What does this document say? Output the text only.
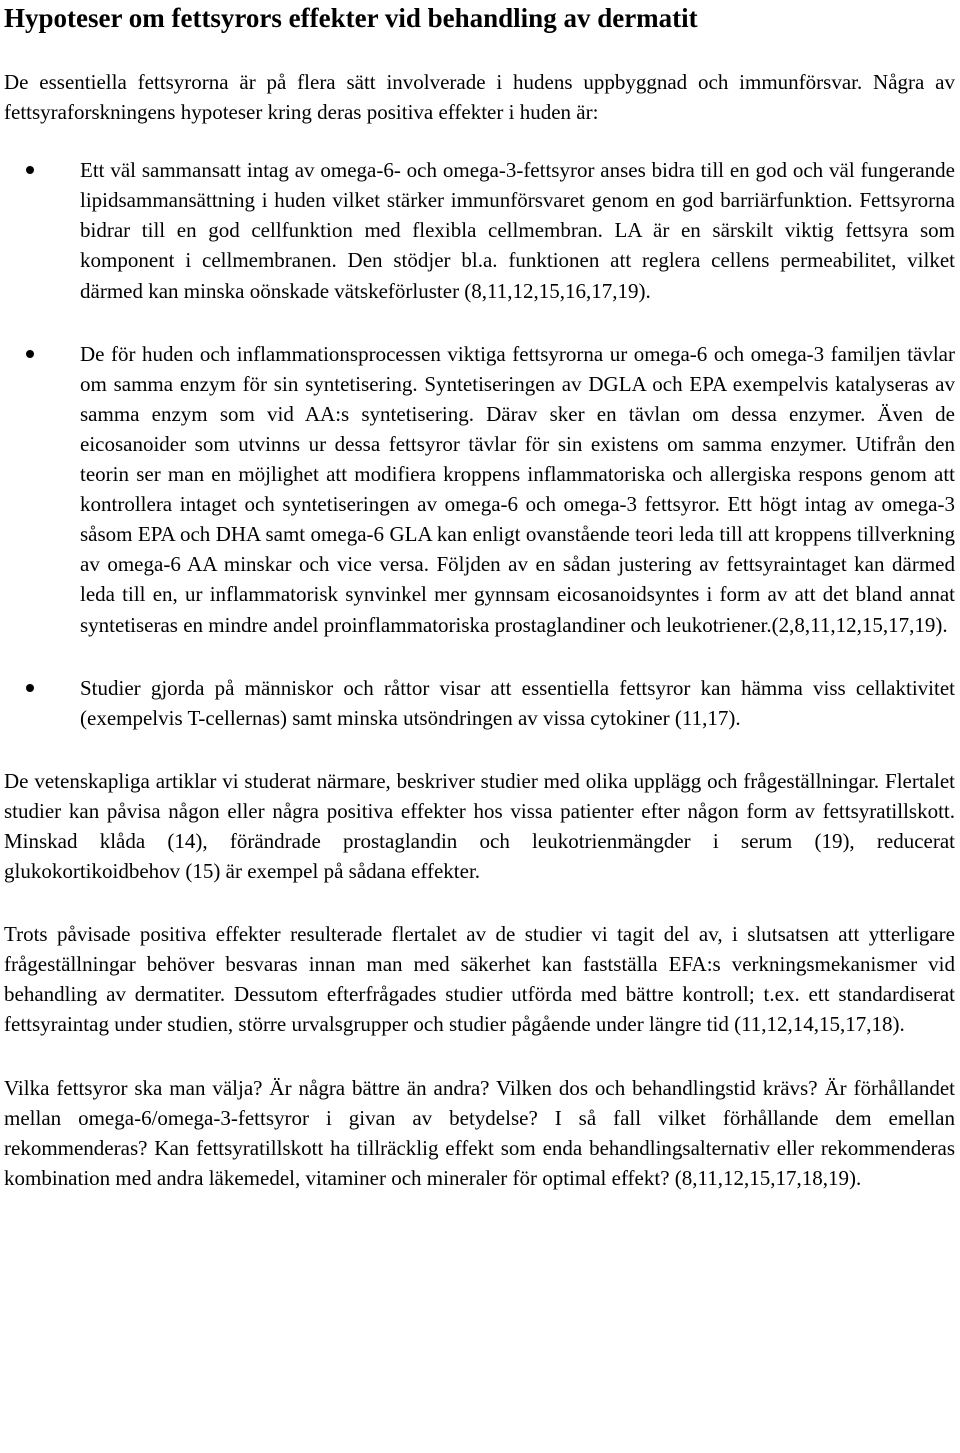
Hypoteser om fettsyrors effekter vid behandling av dermatit

De essentiella fettsyrorna är på flera sätt involverade i hudens uppbyggnad och immunförsvar. Några av fettsyraforskningens hypoteser kring deras positiva effekter i huden är:

Ett väl sammansatt intag av omega-6- och omega-3-fettsyror anses bidra till en god och väl fungerande lipidsammansättning i huden vilket stärker immunförsvaret genom en god barriärfunktion. Fettsyrorna bidrar till en god cellfunktion med flexibla cellmembran. LA är en särskilt viktig fettsyra som komponent i cellmembranen. Den stödjer bl.a. funktionen att reglera cellens permeabilitet, vilket därmed kan minska oönskade vätskeförluster (8,11,12,15,16,17,19).
De för huden och inflammationsprocessen viktiga fettsyrorna ur omega-6 och omega-3 familjen tävlar om samma enzym för sin syntetisering. Syntetiseringen av DGLA och EPA exempelvis katalyseras av samma enzym som vid AA:s syntetisering. Därav sker en tävlan om dessa enzymer. Även de eicosanoider som utvinns ur dessa fettsyror tävlar för sin existens om samma enzymer. Utifrån den teorin ser man en möjlighet att modifiera kroppens inflammatoriska och allergiska respons genom att kontrollera intaget och syntetiseringen av omega-6 och omega-3 fettsyror. Ett högt intag av omega-3 såsom EPA och DHA samt omega-6 GLA kan enligt ovanstående teori leda till att kroppens tillverkning av omega-6 AA minskar och vice versa. Följden av en sådan justering av fettsyraintaget kan därmed leda till en, ur inflammatorisk synvinkel mer gynnsam eicosanoidsyntes i form av att det bland annat syntetiseras en mindre andel proinflammatoriska prostaglandiner och leukotriener.(2,8,11,12,15,17,19).
Studier gjorda på människor och råttor visar att essentiella fettsyror kan hämma viss cellaktivitet (exempelvis T-cellernas) samt minska utsöndringen av vissa cytokiner (11,17).

De vetenskapliga artiklar vi studerat närmare, beskriver studier med olika upplägg och frågeställningar. Flertalet studier kan påvisa någon eller några positiva effekter hos vissa patienter efter någon form av fettsyratillskott. Minskad klåda (14), förändrade prostaglandin och leukotrienmängder i serum (19), reducerat glukokortikoidbehov (15) är exempel på sådana effekter.

Trots påvisade positiva effekter resulterade flertalet av de studier vi tagit del av, i slutsatsen att ytterligare frågeställningar behöver besvaras innan man med säkerhet kan fastställa EFA:s verkningsmekanismer vid behandling av dermatiter. Dessutom efterfrågades studier utförda med bättre kontroll; t.ex. ett standardiserat fettsyraintag under studien, större urvalsgrupper och studier pågående under längre tid (11,12,14,15,17,18).

Vilka fettsyror ska man välja? Är några bättre än andra? Vilken dos och behandlingstid krävs? Är förhållandet mellan omega-6/omega-3-fettsyror i givan av betydelse? I så fall vilket förhållande dem emellan rekommenderas? Kan fettsyratillskott ha tillräcklig effekt som enda behandlingsalternativ eller rekommenderas kombination med andra läkemedel, vitaminer och mineraler för optimal effekt? (8,11,12,15,17,18,19).
